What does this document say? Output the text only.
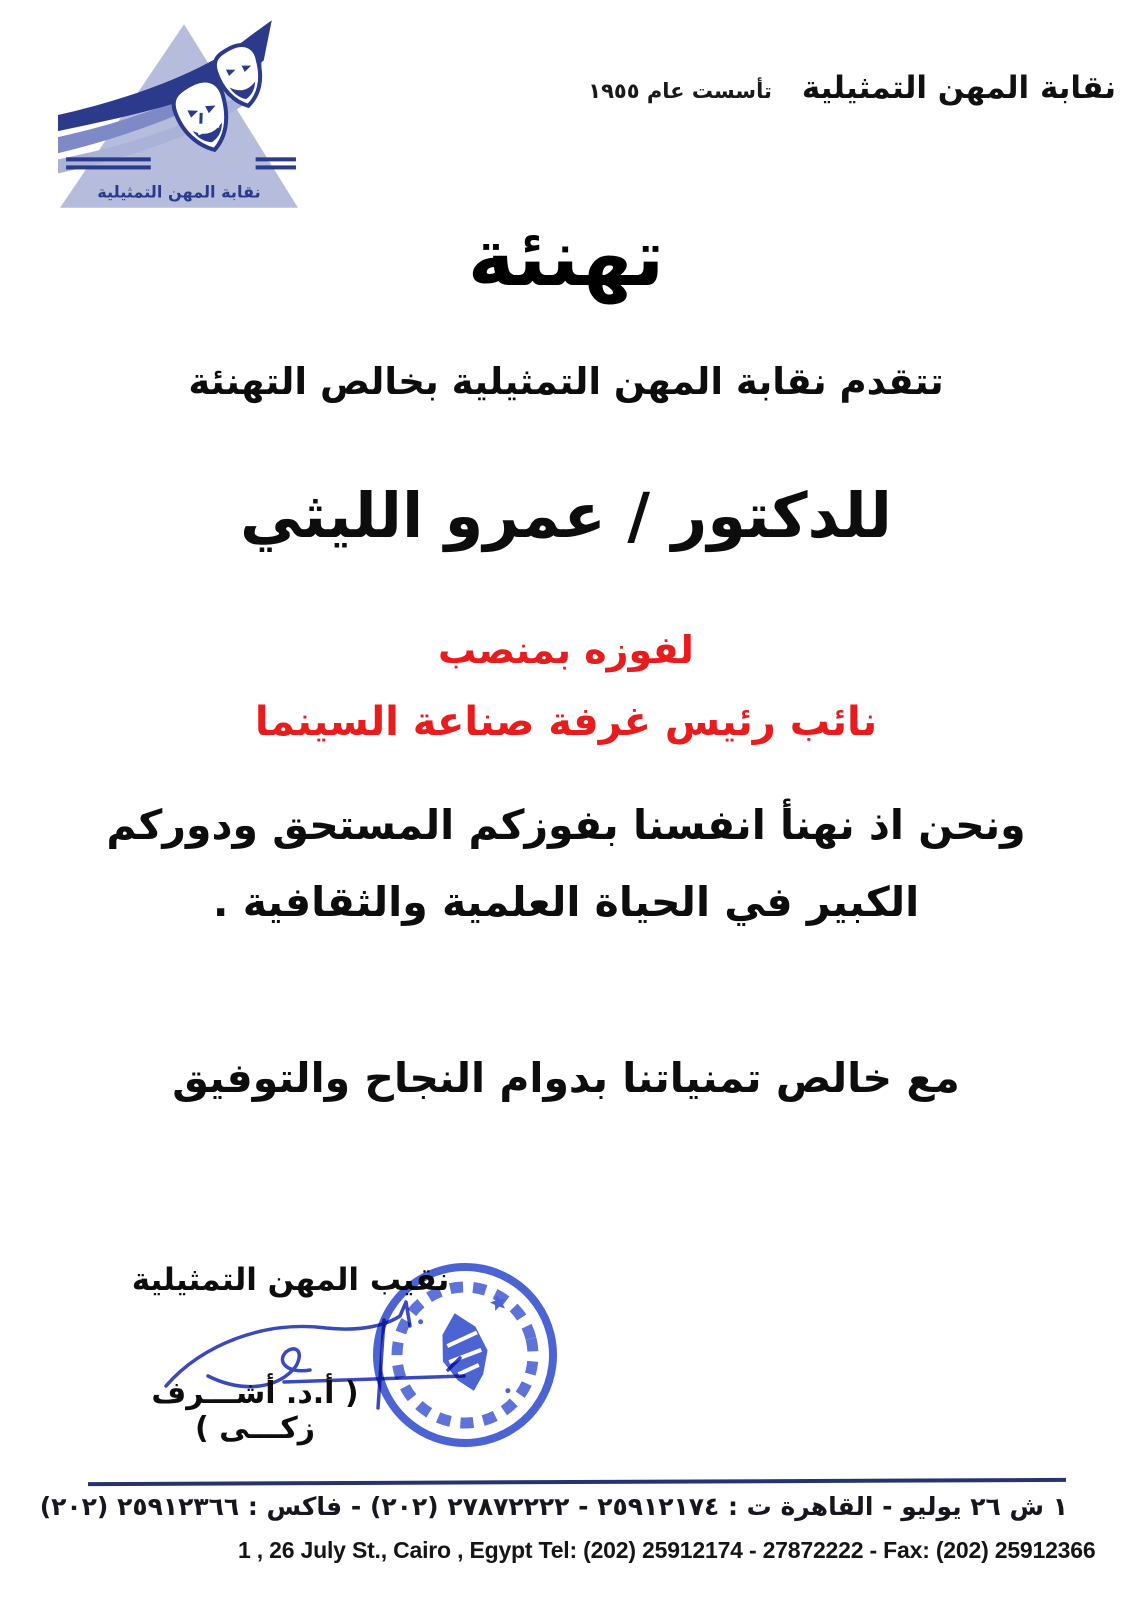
نقابة المهن التمثيلية
نقابة المهن التمثيلية
تأسست عام ١٩٥٥
تهنئة
تتقدم نقابة المهن التمثيلية بخالص التهنئة
للدكتور / عمرو الليثي
لفوزه بمنصب
نائب رئيس غرفة صناعة السينما
ونحن اذ نهنأ انفسنا بفوزكم المستحق ودوركم
الكبير في الحياة العلمية والثقافية .
مع خالص تمنياتنا بدوام النجاح والتوفيق
نقيب المهن التمثيلية
( أ.د. أشـــرف زكـــى )
١ ش ٢٦ يوليو - القاهرة ت : ٢٥٩١٢١٧٤ - ٢٧٨٧٢٢٢٢ (٢٠٢) - فاكس : ٢٥٩١٢٣٦٦ (٢٠٢)
1 , 26 July St., Cairo , Egypt Tel: (202) 25912174 - 27872222 - Fax: (202) 25912366
